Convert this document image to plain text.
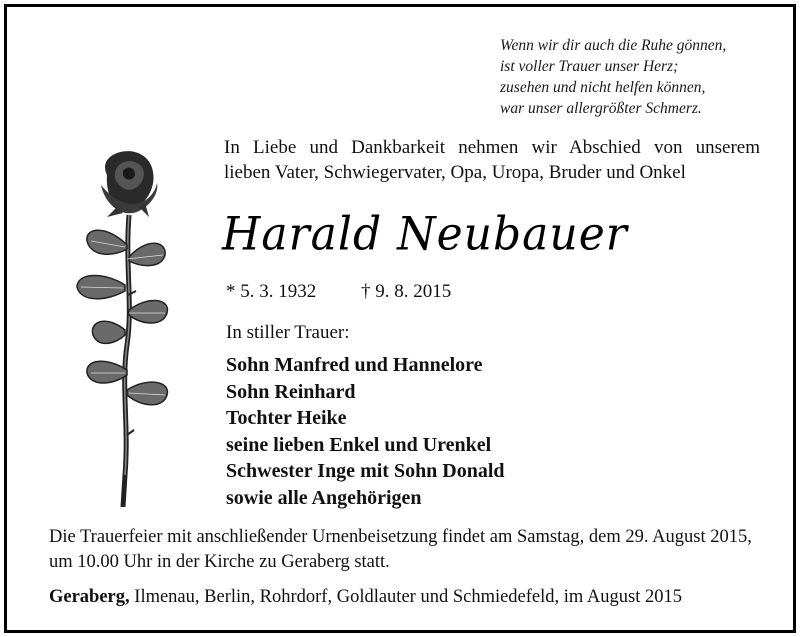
Wenn wir dir auch die Ruhe gönnen,
ist voller Trauer unser Herz;
zusehen und nicht helfen können,
war unser allergrößter Schmerz.
In Liebe und Dankbarkeit nehmen wir Abschied von unserem
lieben Vater, Schwiegervater, Opa, Uropa, Bruder und Onkel
Harald Neubauer
* 5. 3. 1932 † 9. 8. 2015
In stiller Trauer:
Sohn Manfred und Hannelore
Sohn Reinhard
Tochter Heike
seine lieben Enkel und Urenkel
Schwester Inge mit Sohn Donald
sowie alle Angehörigen
Die Trauerfeier mit anschließender Urnenbeisetzung findet am Samstag, dem 29. August 2015,
um 10.00 Uhr in der Kirche zu Geraberg statt.
Geraberg, Ilmenau, Berlin, Rohrdorf, Goldlauter und Schmiedefeld, im August 2015
